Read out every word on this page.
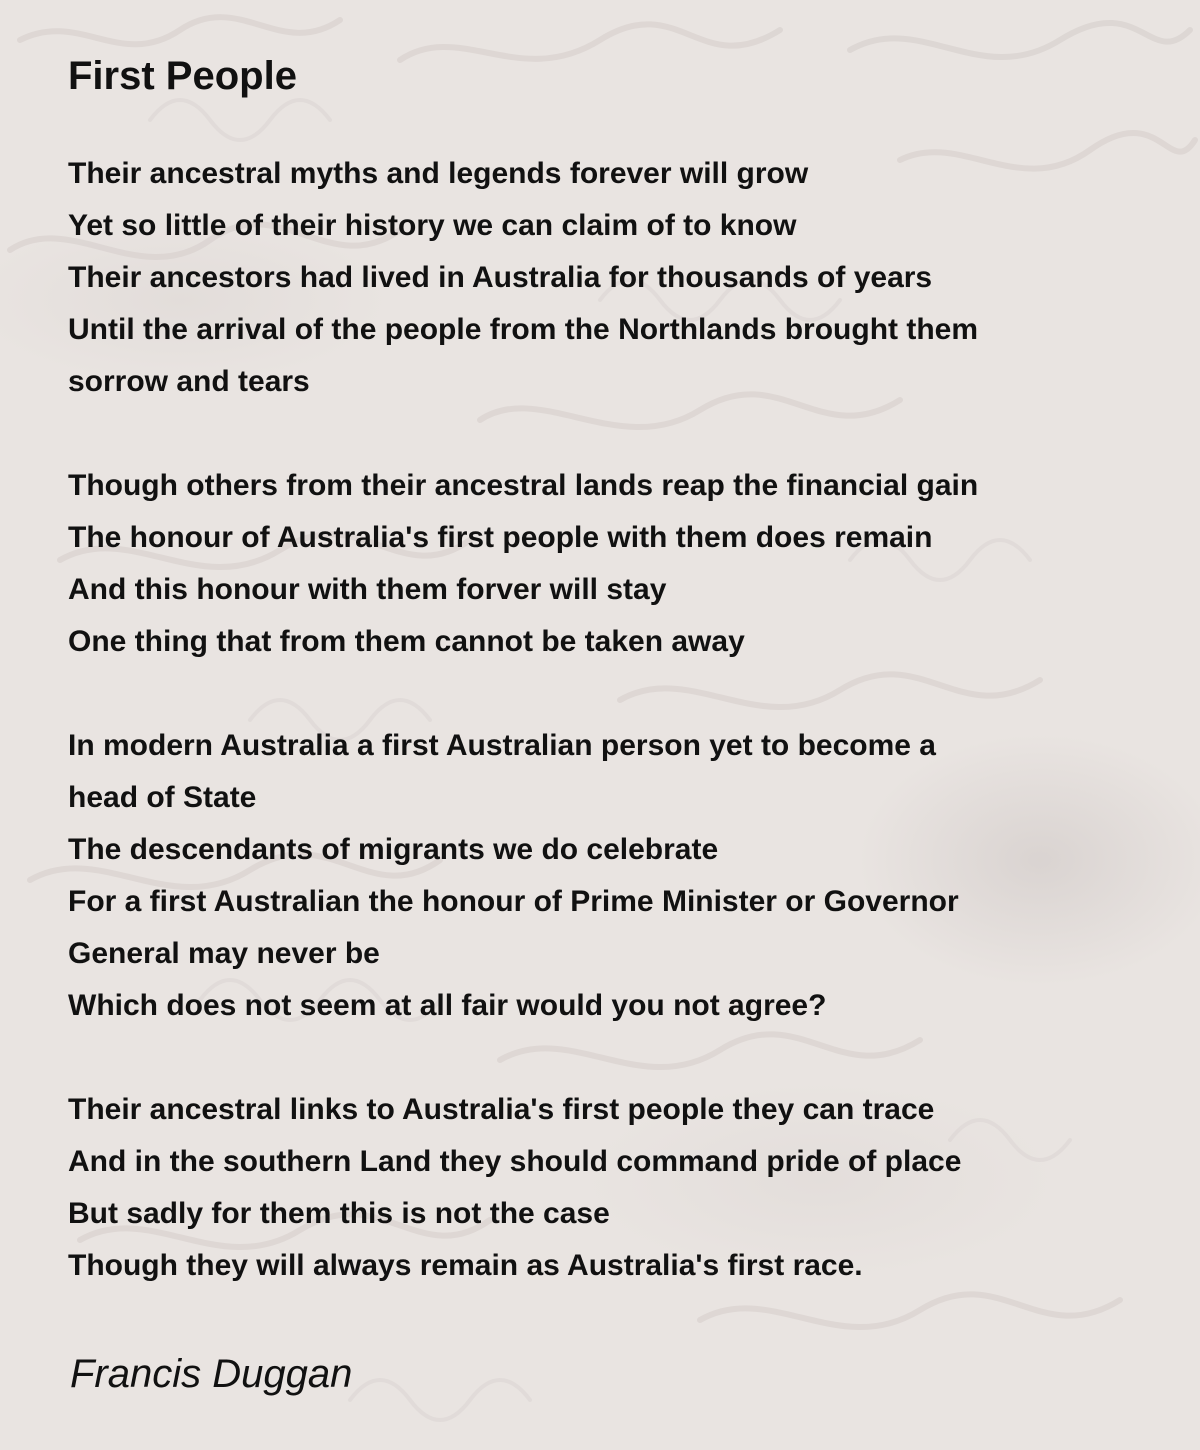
First People
Their ancestral myths and legends forever will grow
Yet so little of their history we can claim of to know
Their ancestors had lived in Australia for thousands of years
Until the arrival of the people from the Northlands brought them
sorrow and tears
Though others from their ancestral lands reap the financial gain
The honour of Australia's first people with them does remain
And this honour with them forver will stay
One thing that from them cannot be taken away
In modern Australia a first Australian person yet to become a
head of State
The descendants of migrants we do celebrate
For a first Australian the honour of Prime Minister or Governor
General may never be
Which does not seem at all fair would you not agree?
Their ancestral links to Australia's first people they can trace
And in the southern Land they should command pride of place
But sadly for them this is not the case
Though they will always remain as Australia's first race.

Francis Duggan
